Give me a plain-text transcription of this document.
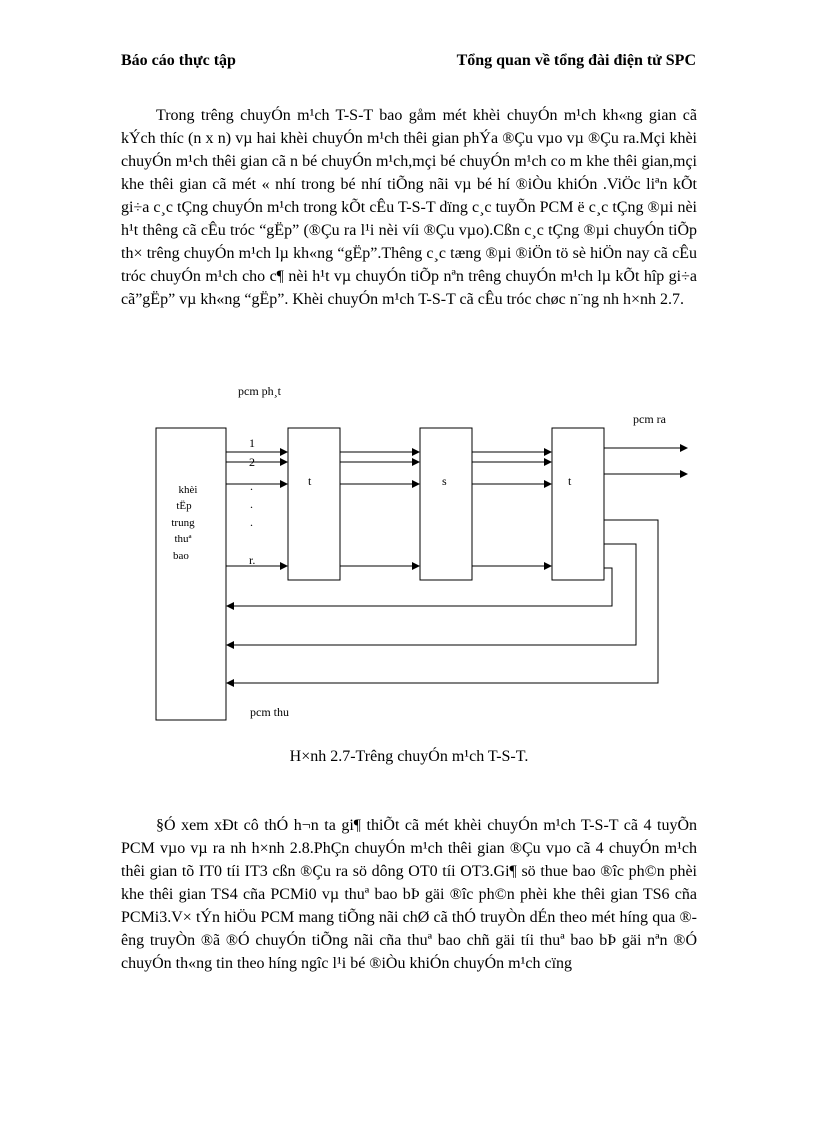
Báo cáo thực tập	Tổng quan về tổng đài điện tử SPC

Trong trêng chuyÓn m¹ch T-S-T bao gåm mét khèi chuyÓn m¹ch kh«ng gian cã kÝch thíc (n x n) vµ hai khèi chuyÓn m¹ch thêi gian phÝa ®Çu vµo vµ ®Çu ra.Mçi khèi chuyÓn m¹ch thêi gian cã n bé chuyÓn m¹ch,mçi bé chuyÓn m¹ch co m khe thêi gian,mçi khe thêi gian cã mét « nhí trong bé nhí tiÕng nãi vµ bé hí ®iÒu khiÓn .ViÖc liªn kÕt gi÷a c¸c tÇng chuyÓn m¹ch trong kÕt cÊu T-S-T dïng c¸c tuyÕn PCM ë c¸c tÇng ®µi nèi h¹t thêng cã cÊu tróc “gËp” (®Çu ra l¹i nèi víi ®Çu vµo).Cßn c¸c tÇng ®µi chuyÓn tiÕp th× trêng chuyÓn m¹ch lµ kh«ng “gËp”.Thêng c¸c tæng ®µi ®iÖn tö sè hiÖn nay cã cÊu tróc chuyÓn m¹ch cho c¶ nèi h¹t vµ chuyÓn tiÕp nªn trêng chuyÓn m¹ch lµ kÕt hîp gi÷a cã”gËp” vµ kh«ng “gËp”. Khèi chuyÓn m¹ch T-S-T cã cÊu tróc chøc n¨ng nh h×nh 2.7.

pcm ph¸t
pcm ra
pcm thu
1
2
.
.
.
r.
t	s	t
khèi
tËp
trung
thuª
bao
H×nh 2.7-Trêng chuyÓn m¹ch T-S-T.

§Ó xem xÐt cô thÓ h¬n ta gi¶ thiÕt cã mét khèi chuyÓn m¹ch T-S-T cã 4 tuyÕn PCM vµo vµ ra nh h×nh 2.8.PhÇn chuyÓn m¹ch thêi gian ®Çu vµo cã 4 chuyÓn m¹ch thêi gian tõ IT0 tíi IT3 cßn ®Çu ra sö dông OT0 tíi OT3.Gi¶ sö thue bao ®îc ph©n phèi khe thêi gian TS4 cña PCMi0 vµ thuª bao bÞ gäi ®îc ph©n phèi khe thêi gian TS6 cña PCMi3.V× tÝn hiÖu PCM mang tiÕng nãi chØ cã thÓ truyÒn dÉn theo mét híng qua ®êng truyÒn ®ã ®Ó chuyÓn tiÕng nãi cña thuª bao chñ gäi tíi thuª bao bÞ gäi nªn ®Ó chuyÓn th«ng tin theo híng ngîc l¹i bé ®iÒu khiÓn chuyÓn m¹ch cïng
